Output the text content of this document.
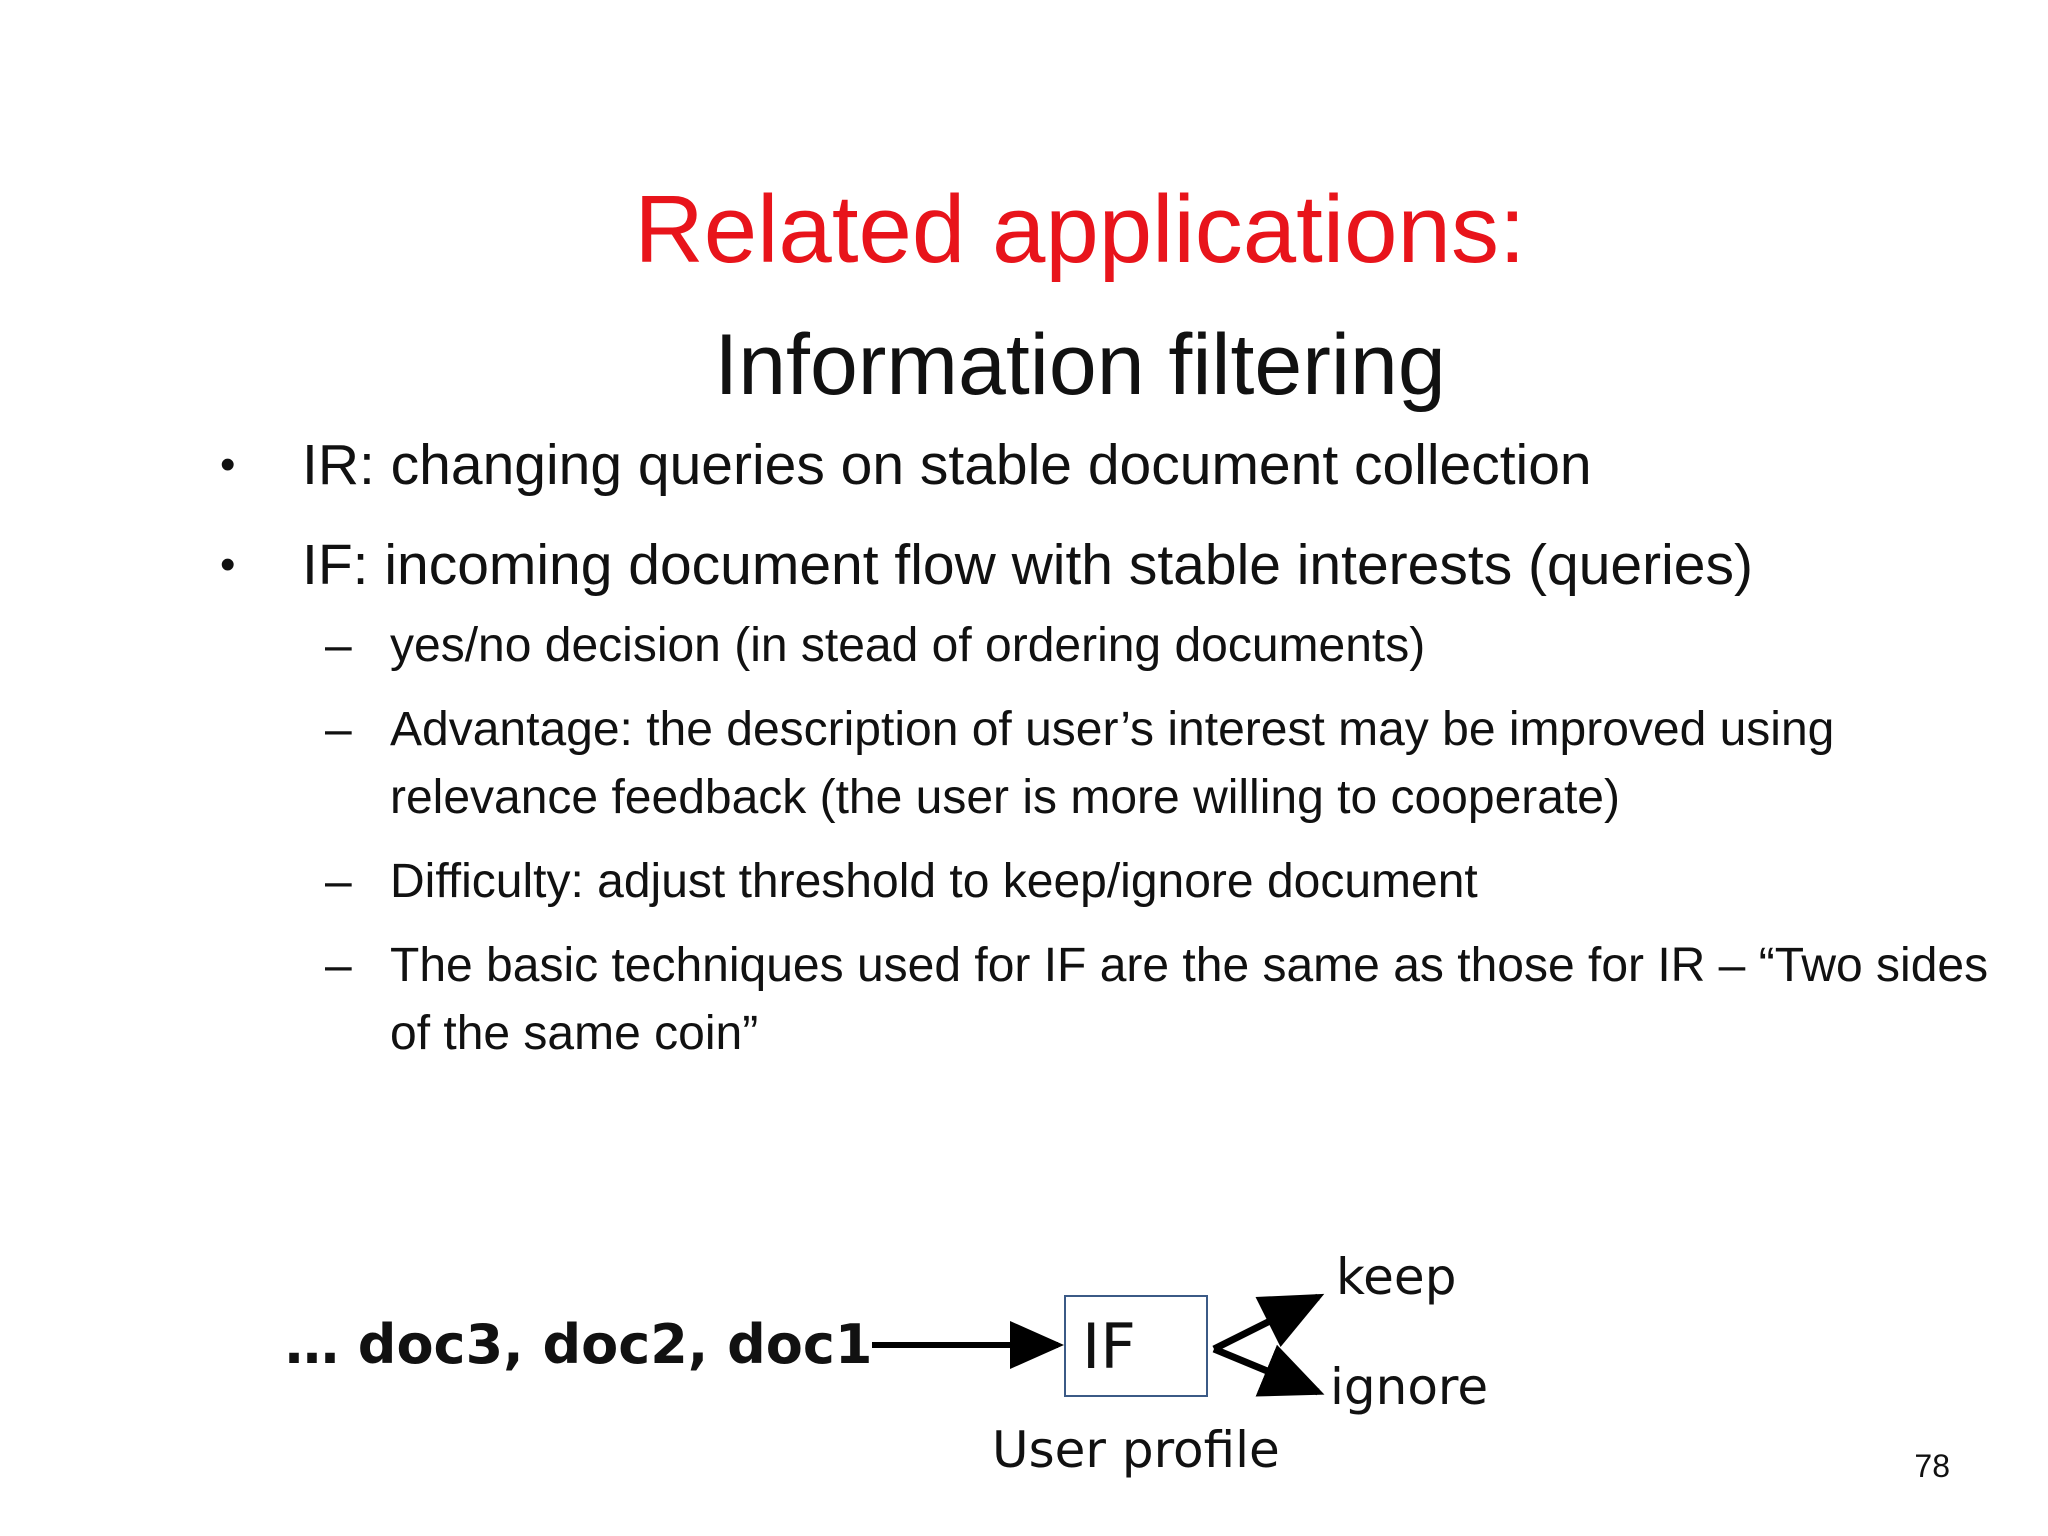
Related applications:
Information filtering
•	IR: changing queries on stable document collection
•	IF: incoming document flow with stable interests (queries)
– yes/no decision (in stead of ordering documents)
– Advantage: the description of user’s interest may be improved using relevance feedback (the user is more willing to cooperate)
– Difficulty: adjust threshold to keep/ignore document
– The basic techniques used for IF are the same as those for IR – “Two sides of the same coin”
… doc3, doc2, doc1	IF
keep
ignore
User profile	78
